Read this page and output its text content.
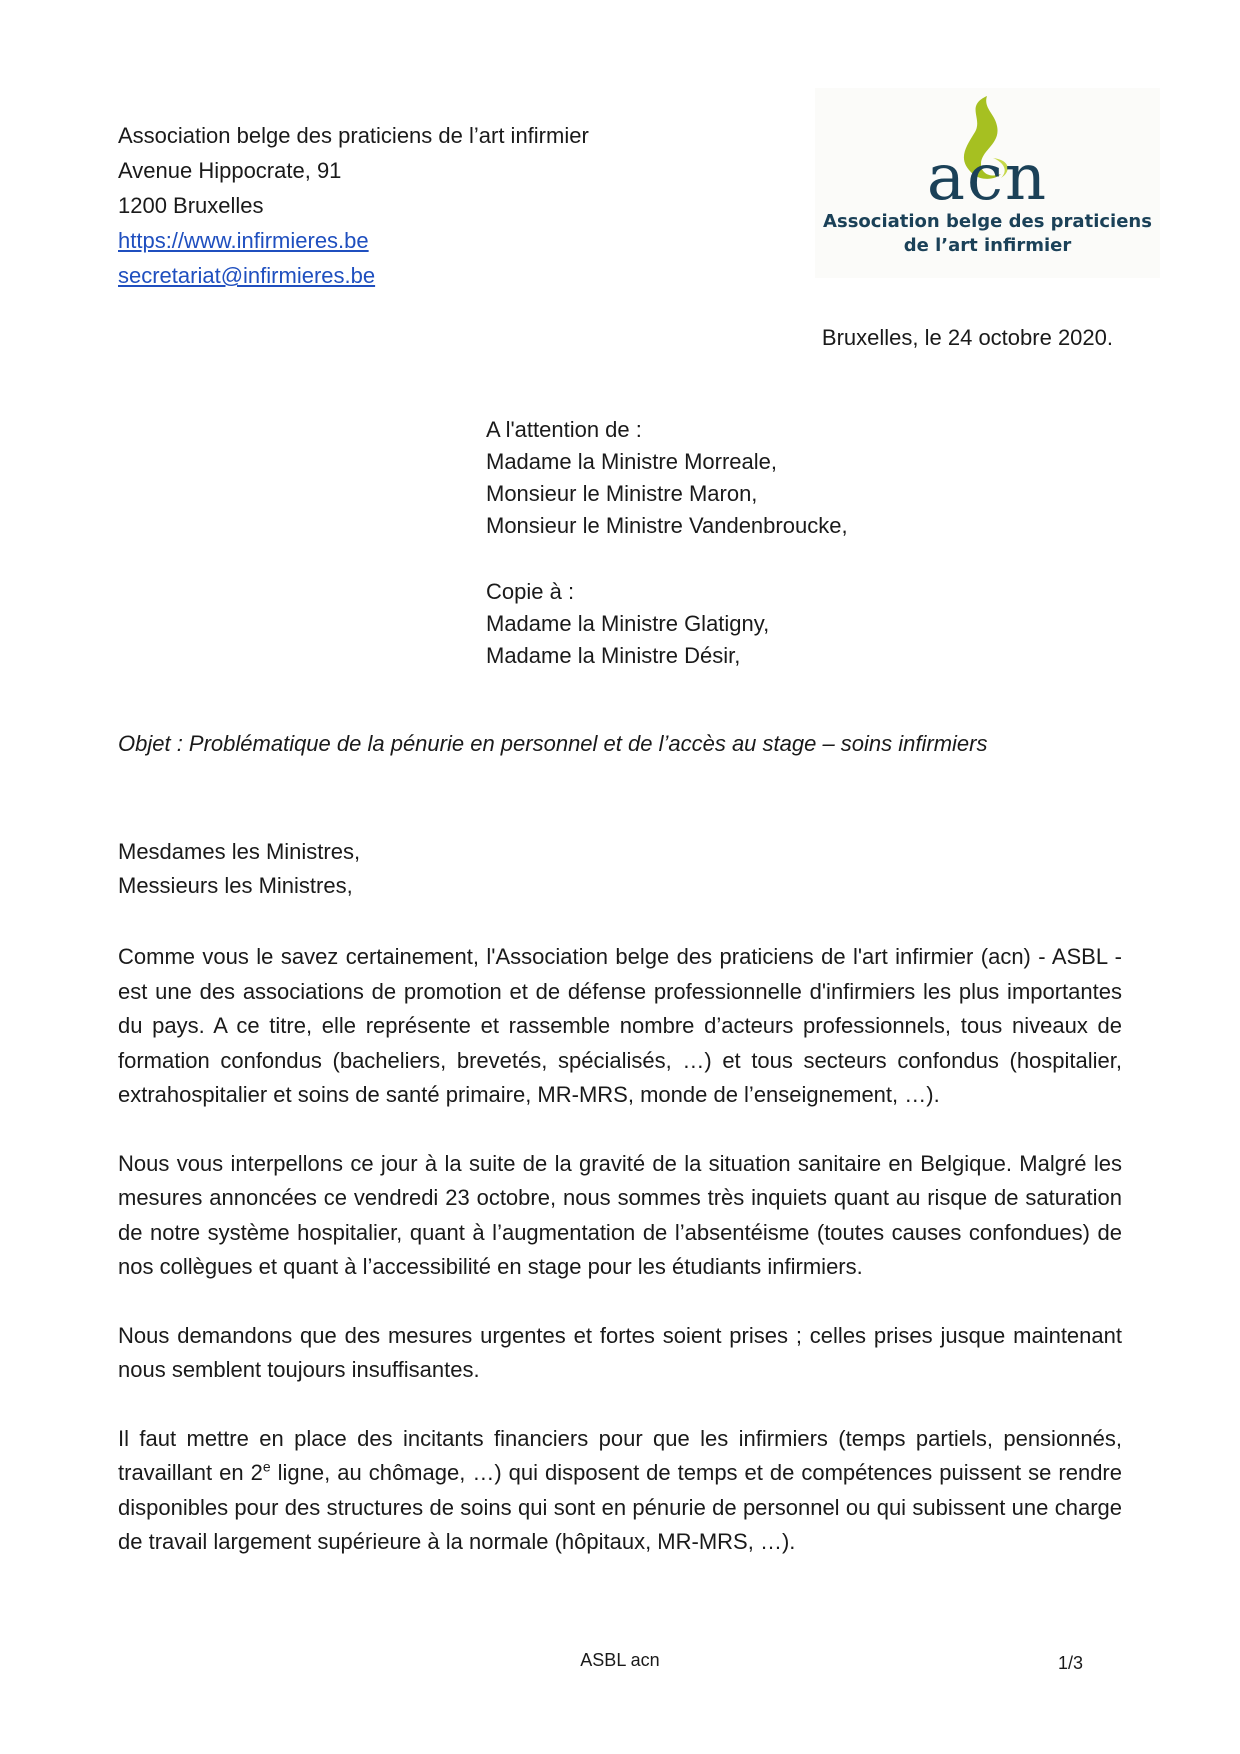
Association belge des praticiens de l’art infirmier
Avenue Hippocrate, 91
1200 Bruxelles
https://www.infirmieres.be
secretariat@infirmieres.be
acn
Association belge des praticiens
de l’art infirmier
Bruxelles, le 24 octobre 2020.
A l'attention de :
Madame la Ministre Morreale,
Monsieur le Ministre Maron,
Monsieur le Ministre Vandenbroucke,
Copie à :
Madame la Ministre Glatigny,
Madame la Ministre Désir,
Objet : Problématique de la pénurie en personnel et de l’accès au stage – soins infirmiers
Mesdames les Ministres,
Messieurs les Ministres,

Comme vous le savez certainement, l'Association belge des praticiens de l'art infirmier (acn) - ASBL - est une des associations de promotion et de défense professionnelle d'infirmiers les plus importantes du pays. A ce titre, elle représente et rassemble nombre d’acteurs professionnels, tous niveaux de formation confondus (bacheliers, brevetés, spécialisés, …) et tous secteurs confondus (hospitalier, extrahospitalier et soins de santé primaire, MR-MRS, monde de l’enseignement, …).

Nous vous interpellons ce jour à la suite de la gravité de la situation sanitaire en Belgique. Malgré les mesures annoncées ce vendredi 23 octobre, nous sommes très inquiets quant au risque de saturation de notre système hospitalier, quant à l’augmentation de l’absentéisme (toutes causes confondues) de nos collègues et quant à l’accessibilité en stage pour les étudiants infirmiers.

Nous demandons que des mesures urgentes et fortes soient prises ; celles prises jusque maintenant nous semblent toujours insuffisantes.

Il faut mettre en place des incitants financiers pour que les infirmiers (temps partiels, pensionnés, travaillant en 2e ligne, au chômage, …) qui disposent de temps et de compétences puissent se rendre disponibles pour des structures de soins qui sont en pénurie de personnel ou qui subissent une charge de travail largement supérieure à la normale (hôpitaux, MR-MRS, …).

ASBL acn	1/3
